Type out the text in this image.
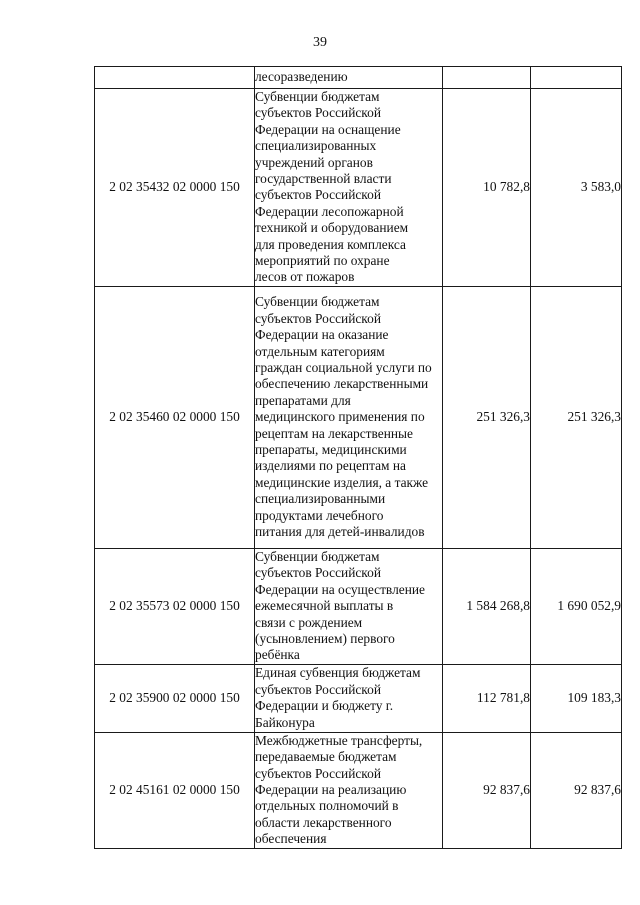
39

	лесоразведению		

2 02 35432 02 0000 150	Субвенции бюджетам субъектов Российской Федерации на оснащение специализированных учреждений органов государственной власти субъектов Российской Федерации лесопожарной техникой и оборудованием для проведения комплекса мероприятий по охране лесов от пожаров	10 782,8	3 583,0
2 02 35460 02 0000 150	Субвенции бюджетам субъектов Российской Федерации на оказание отдельным категориям граждан социальной услуги по обеспечению лекарственными препаратами для медицинского применения по рецептам на лекарственные препараты, медицинскими изделиями по рецептам на медицинские изделия, а также специализированными продуктами лечебного питания для детей-инвалидов	251 326,3	251 326,3
2 02 35573 02 0000 150	Субвенции бюджетам субъектов Российской Федерации на осуществление ежемесячной выплаты в связи с рождением (усыновлением) первого ребёнка	1 584 268,8	1 690 052,9
2 02 35900 02 0000 150	Единая субвенция бюджетам субъектов Российской Федерации и бюджету г. Байконура	112 781,8	109 183,3
2 02 45161 02 0000 150	Межбюджетные трансферты, передаваемые бюджетам субъектов Российской Федерации на реализацию отдельных полномочий в области лекарственного обеспечения	92 837,6	92 837,6
